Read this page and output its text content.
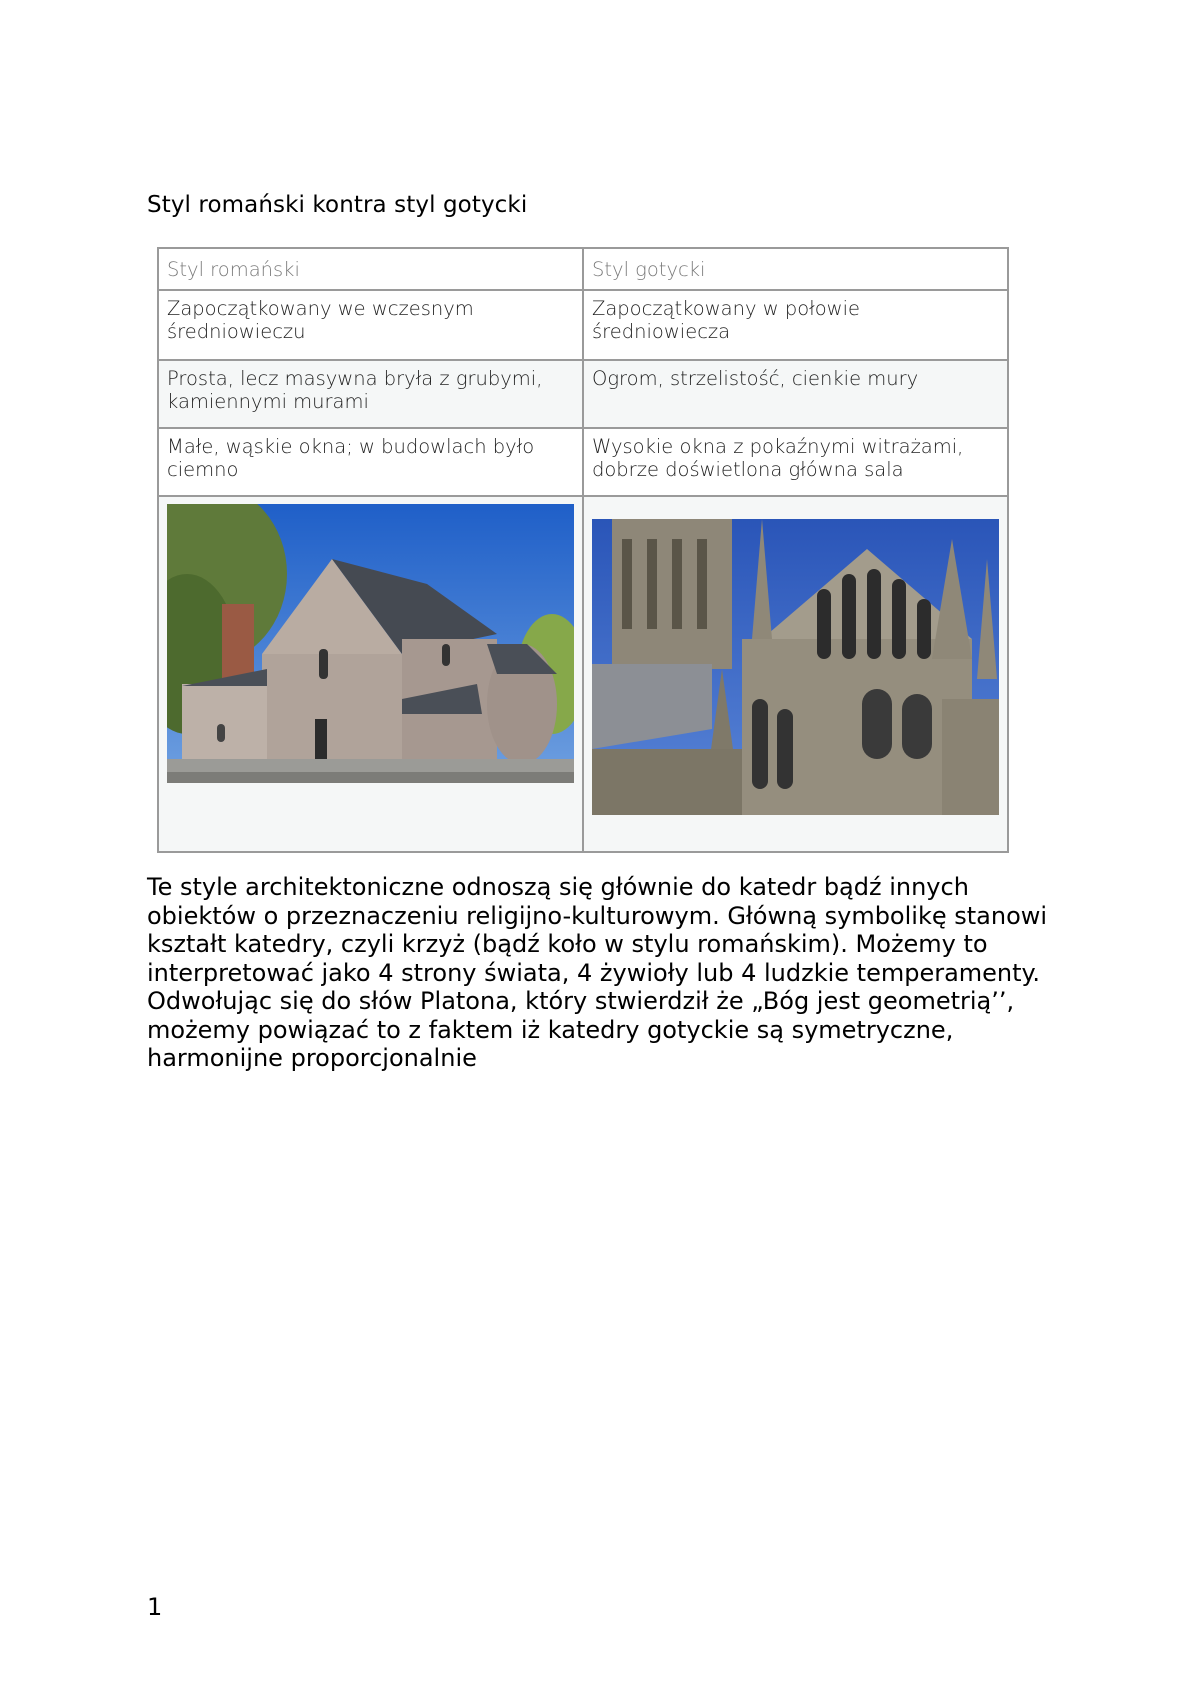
Styl romański kontra styl gotycki
Styl romański	Styl gotycki
Zapoczątkowany we wczesnym średniowieczu	Zapoczątkowany w połowie średniowiecza
Prosta, lecz masywna bryła z grubymi, kamiennymi murami	Ogrom, strzelistość, cienkie mury
Małe, wąskie okna; w budowlach było ciemno	Wysokie okna z pokaźnymi witrażami, dobrze doświetlona główna sala

Te style architektoniczne odnoszą się głównie do katedr bądź innych obiektów o przeznaczeniu religijno-kulturowym. Główną symbolikę stanowi kształt katedry, czyli krzyż (bądź koło w stylu romańskim). Możemy to interpretować jako 4 strony świata, 4 żywioły lub 4 ludzkie temperamenty. Odwołując się do słów Platona, który stwierdził że „Bóg jest geometrią’’, możemy powiązać to z faktem iż katedry gotyckie są symetryczne, harmonijne proporcjonalnie

1
